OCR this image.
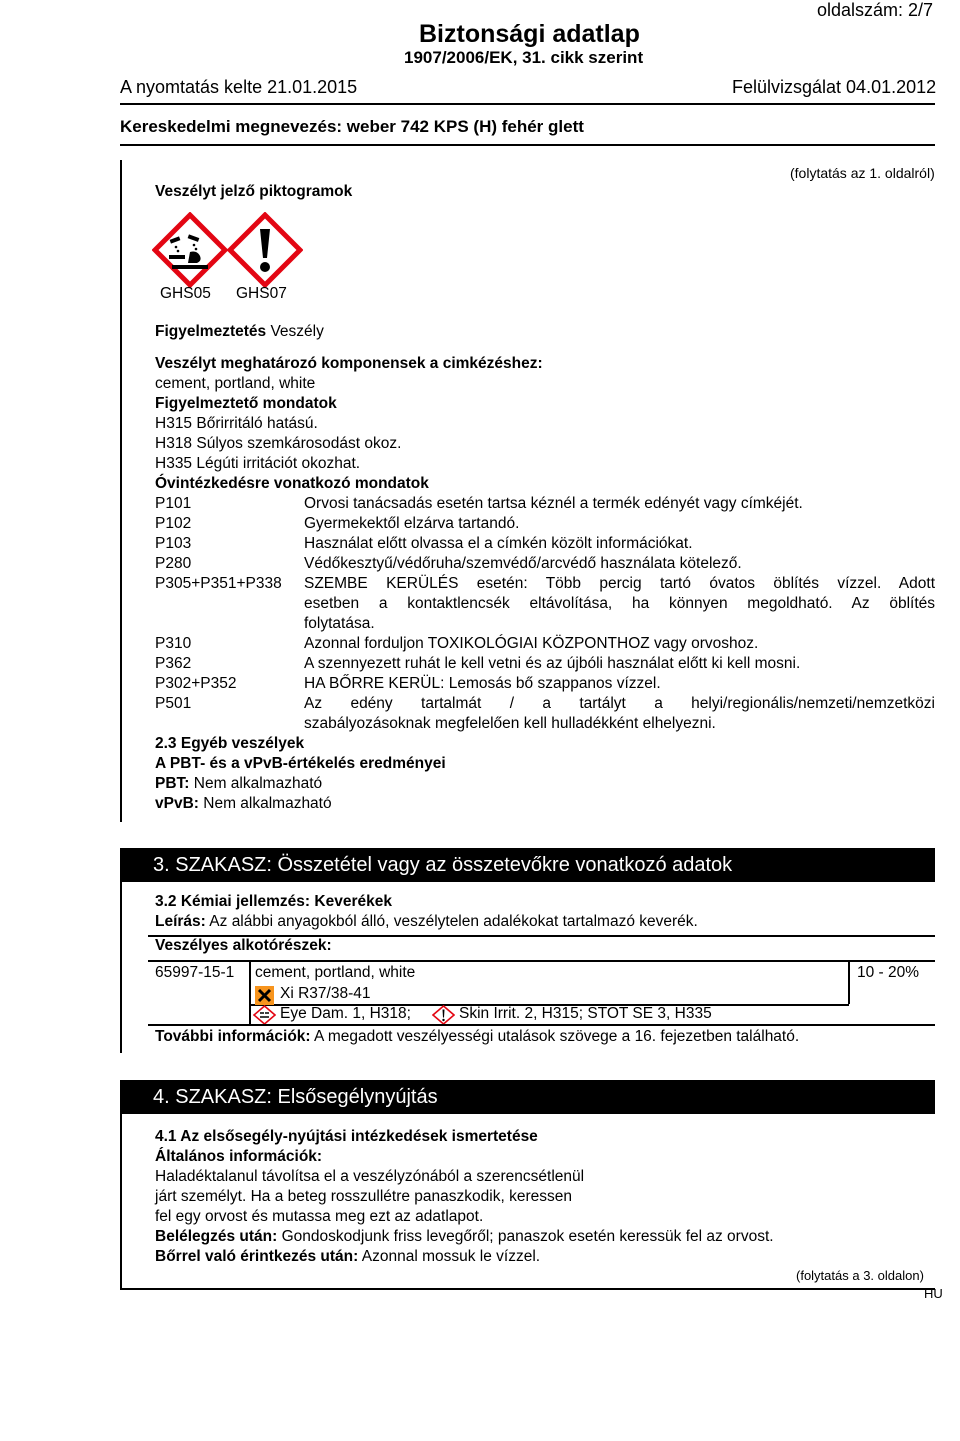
oldalszám: 2/7
Biztonsági adatlap
1907/2006/EK, 31. cikk szerint
A nyomtatás kelte 21.01.2015	Felülvizsgálat 04.01.2012
Kereskedelmi megnevezés: weber 742 KPS (H) fehér glett
Veszélyt jelző piktogramok
(folytatás az 1. oldalról)
GHS05 GHS07
Figyelmeztetés Veszély
Veszélyt meghatározó komponensek a cimkézéshez:
cement, portland, white
Figyelmeztető mondatok
H315 Bőrirritáló hatású.
H318 Súlyos szemkárosodást okoz.
H335 Légúti irritációt okozhat.
Óvintézkedésre vonatkozó mondatok
P101	Orvosi tanácsadás esetén tartsa kéznél a termék edényét vagy címkéjét.
P102	Gyermekektől elzárva tartandó.
P103	Használat előtt olvassa el a címkén közölt információkat.
P280	Védőkesztyű/védőruha/szemvédő/arcvédő használata kötelező.
P305+P351+P338 SZEMBE KERÜLÉS esetén: Több percig tartó óvatos öblítés vízzel. Adott
esetben a kontaktlencsék eltávolítása, ha könnyen megoldható. Az öblítés
folytatása.
P310	Azonnal forduljon TOXIKOLÓGIAI KÖZPONTHOZ vagy orvoshoz.
P362	A szennyezett ruhát le kell vetni és az újbóli használat előtt ki kell mosni.
P302+P352	HA BŐRRE KERÜL: Lemosás bő szappanos vízzel.
P501	Az edény tartalmát / a tartályt a helyi/regionális/nemzeti/nemzetközi
szabályozásoknak megfelelően kell hulladékként elhelyezni.
2.3 Egyéb veszélyek
A PBT- és a vPvB-értékelés eredményei
PBT: Nem alkalmazható
vPvB: Nem alkalmazható
3. SZAKASZ: Összetétel vagy az összetevőkre vonatkozó adatok
3.2 Kémiai jellemzés: Keverékek
Leírás: Az alábbi anyagokból álló, veszélytelen adalékokat tartalmazó keverék.
Veszélyes alkotórészek:
65997-15-1 cement, portland, white	10 - 20%
Xi R37/38-41
Eye Dam. 1, H318;	Skin Irrit. 2, H315; STOT SE 3, H335
További információk: A megadott veszélyességi utalások szövege a 16. fejezetben található.
4. SZAKASZ: Elsősegélynyújtás
4.1 Az elsősegély-nyújtási intézkedések ismertetése
Általános információk:
Haladéktalanul távolítsa el a veszélyzónából a szerencsétlenül
járt személyt. Ha a beteg rosszullétre panaszkodik, keressen
fel egy orvost és mutassa meg ezt az adatlapot.
Belélegzés után: Gondoskodjunk friss levegőről; panaszok esetén keressük fel az orvost.
Bőrrel való érintkezés után: Azonnal mossuk le vízzel.
(folytatás a 3. oldalon)
HU
